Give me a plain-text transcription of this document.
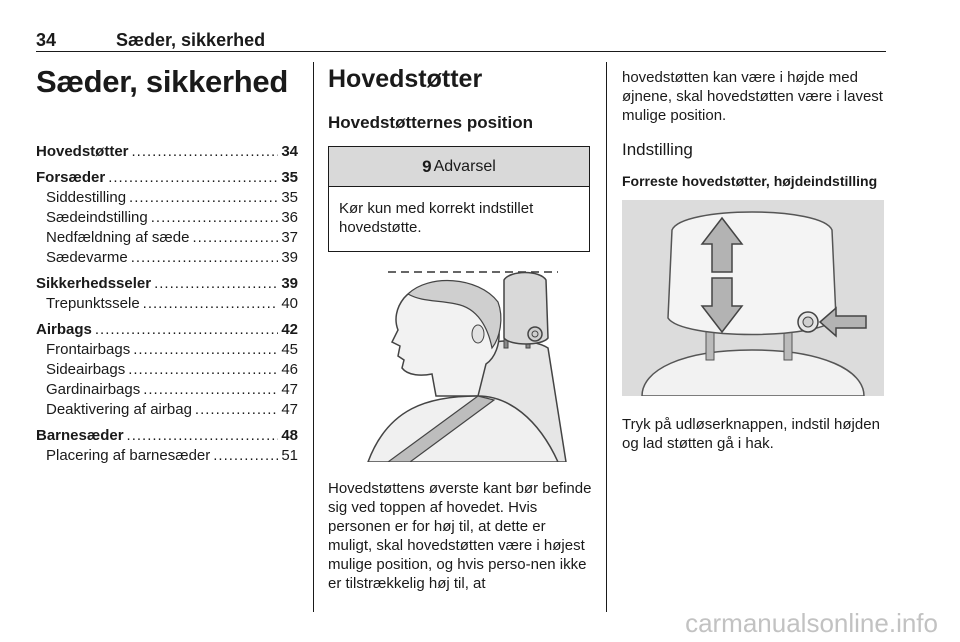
34	Sæder, sikkerhed
Sæder, sikkerhed
Hovedstøtter .....	34
Forsæder .....	35
Siddestilling .....	35
Sædeindstilling .....	36
Nedfældning af sæde .....	37
Sædevarme .....	39
Sikkerhedsseler .....	39
Trepunktssele .....	40
Airbags .....	42
Frontairbags .....	45
Sideairbags .....	46
Gardinairbags .....	47
Deaktivering af airbag .....	47
Barnesæder .....	48
Placering af barnesæder .....	51
Hovedstøtter
Hovedstøtternes position
9 Advarsel
Kør kun med korrekt indstillet hovedstøtte.
Hovedstøttens øverste kant bør befinde sig ved toppen af hovedet. Hvis personen er for høj til, at dette er muligt, skal hovedstøtten være i højest mulige position, og hvis perso-nen ikke er tilstrækkelig høj til, at
hovedstøtten kan være i højde med øjnene, skal hovedstøtten være i lavest mulige position.
Indstilling
Forreste hovedstøtter, højdeindstilling
Tryk på udløserknappen, indstil højden og lad støtten gå i hak.
carmanualsonline.info
